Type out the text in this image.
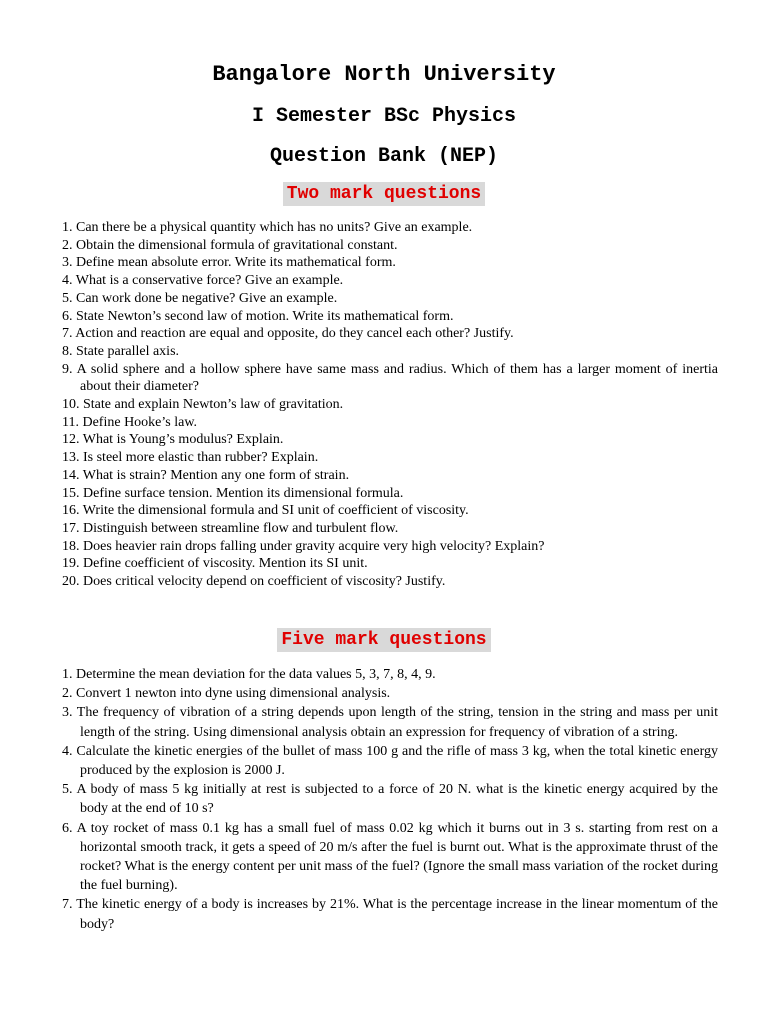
Bangalore North University
I Semester BSc Physics
Question Bank (NEP)
Two mark questions
1. Can there be a physical quantity which has no units? Give an example.
2. Obtain the dimensional formula of gravitational constant.
3. Define mean absolute error. Write its mathematical form.
4. What is a conservative force? Give an example.
5. Can work done be negative? Give an example.
6. State Newton’s second law of motion. Write its mathematical form.
7. Action and reaction are equal and opposite, do they cancel each other? Justify.
8. State parallel axis.
9. A solid sphere and a hollow sphere have same mass and radius. Which of them has a larger moment of inertia about their diameter?
10. State and explain Newton’s law of gravitation.
11. Define Hooke’s law.
12. What is Young’s modulus? Explain.
13. Is steel more elastic than rubber? Explain.
14. What is strain? Mention any one form of strain.
15. Define surface tension. Mention its dimensional formula.
16. Write the dimensional formula and SI unit of coefficient of viscosity.
17. Distinguish between streamline flow and turbulent flow.
18. Does heavier rain drops falling under gravity acquire very high velocity? Explain?
19. Define coefficient of viscosity. Mention its SI unit.
20. Does critical velocity depend on coefficient of viscosity? Justify.
Five mark questions
1. Determine the mean deviation for the data values 5, 3, 7, 8, 4, 9.
2. Convert 1 newton into dyne using dimensional analysis.
3. The frequency of vibration of a string depends upon length of the string, tension in the string and mass per unit length of the string. Using dimensional analysis obtain an expression for frequency of vibration of a string.
4. Calculate the kinetic energies of the bullet of mass 100 g and the rifle of mass 3 kg, when the total kinetic energy produced by the explosion is 2000 J.
5. A body of mass 5 kg initially at rest is subjected to a force of 20 N. what is the kinetic energy acquired by the body at the end of 10 s?
6. A toy rocket of mass 0.1 kg has a small fuel of mass 0.02 kg which it burns out in 3 s. starting from rest on a horizontal smooth track, it gets a speed of 20 m/s after the fuel is burnt out. What is the approximate thrust of the rocket? What is the energy content per unit mass of the fuel? (Ignore the small mass variation of the rocket during the fuel burning).
7. The kinetic energy of a body is increases by 21%. What is the percentage increase in the linear momentum of the body?
